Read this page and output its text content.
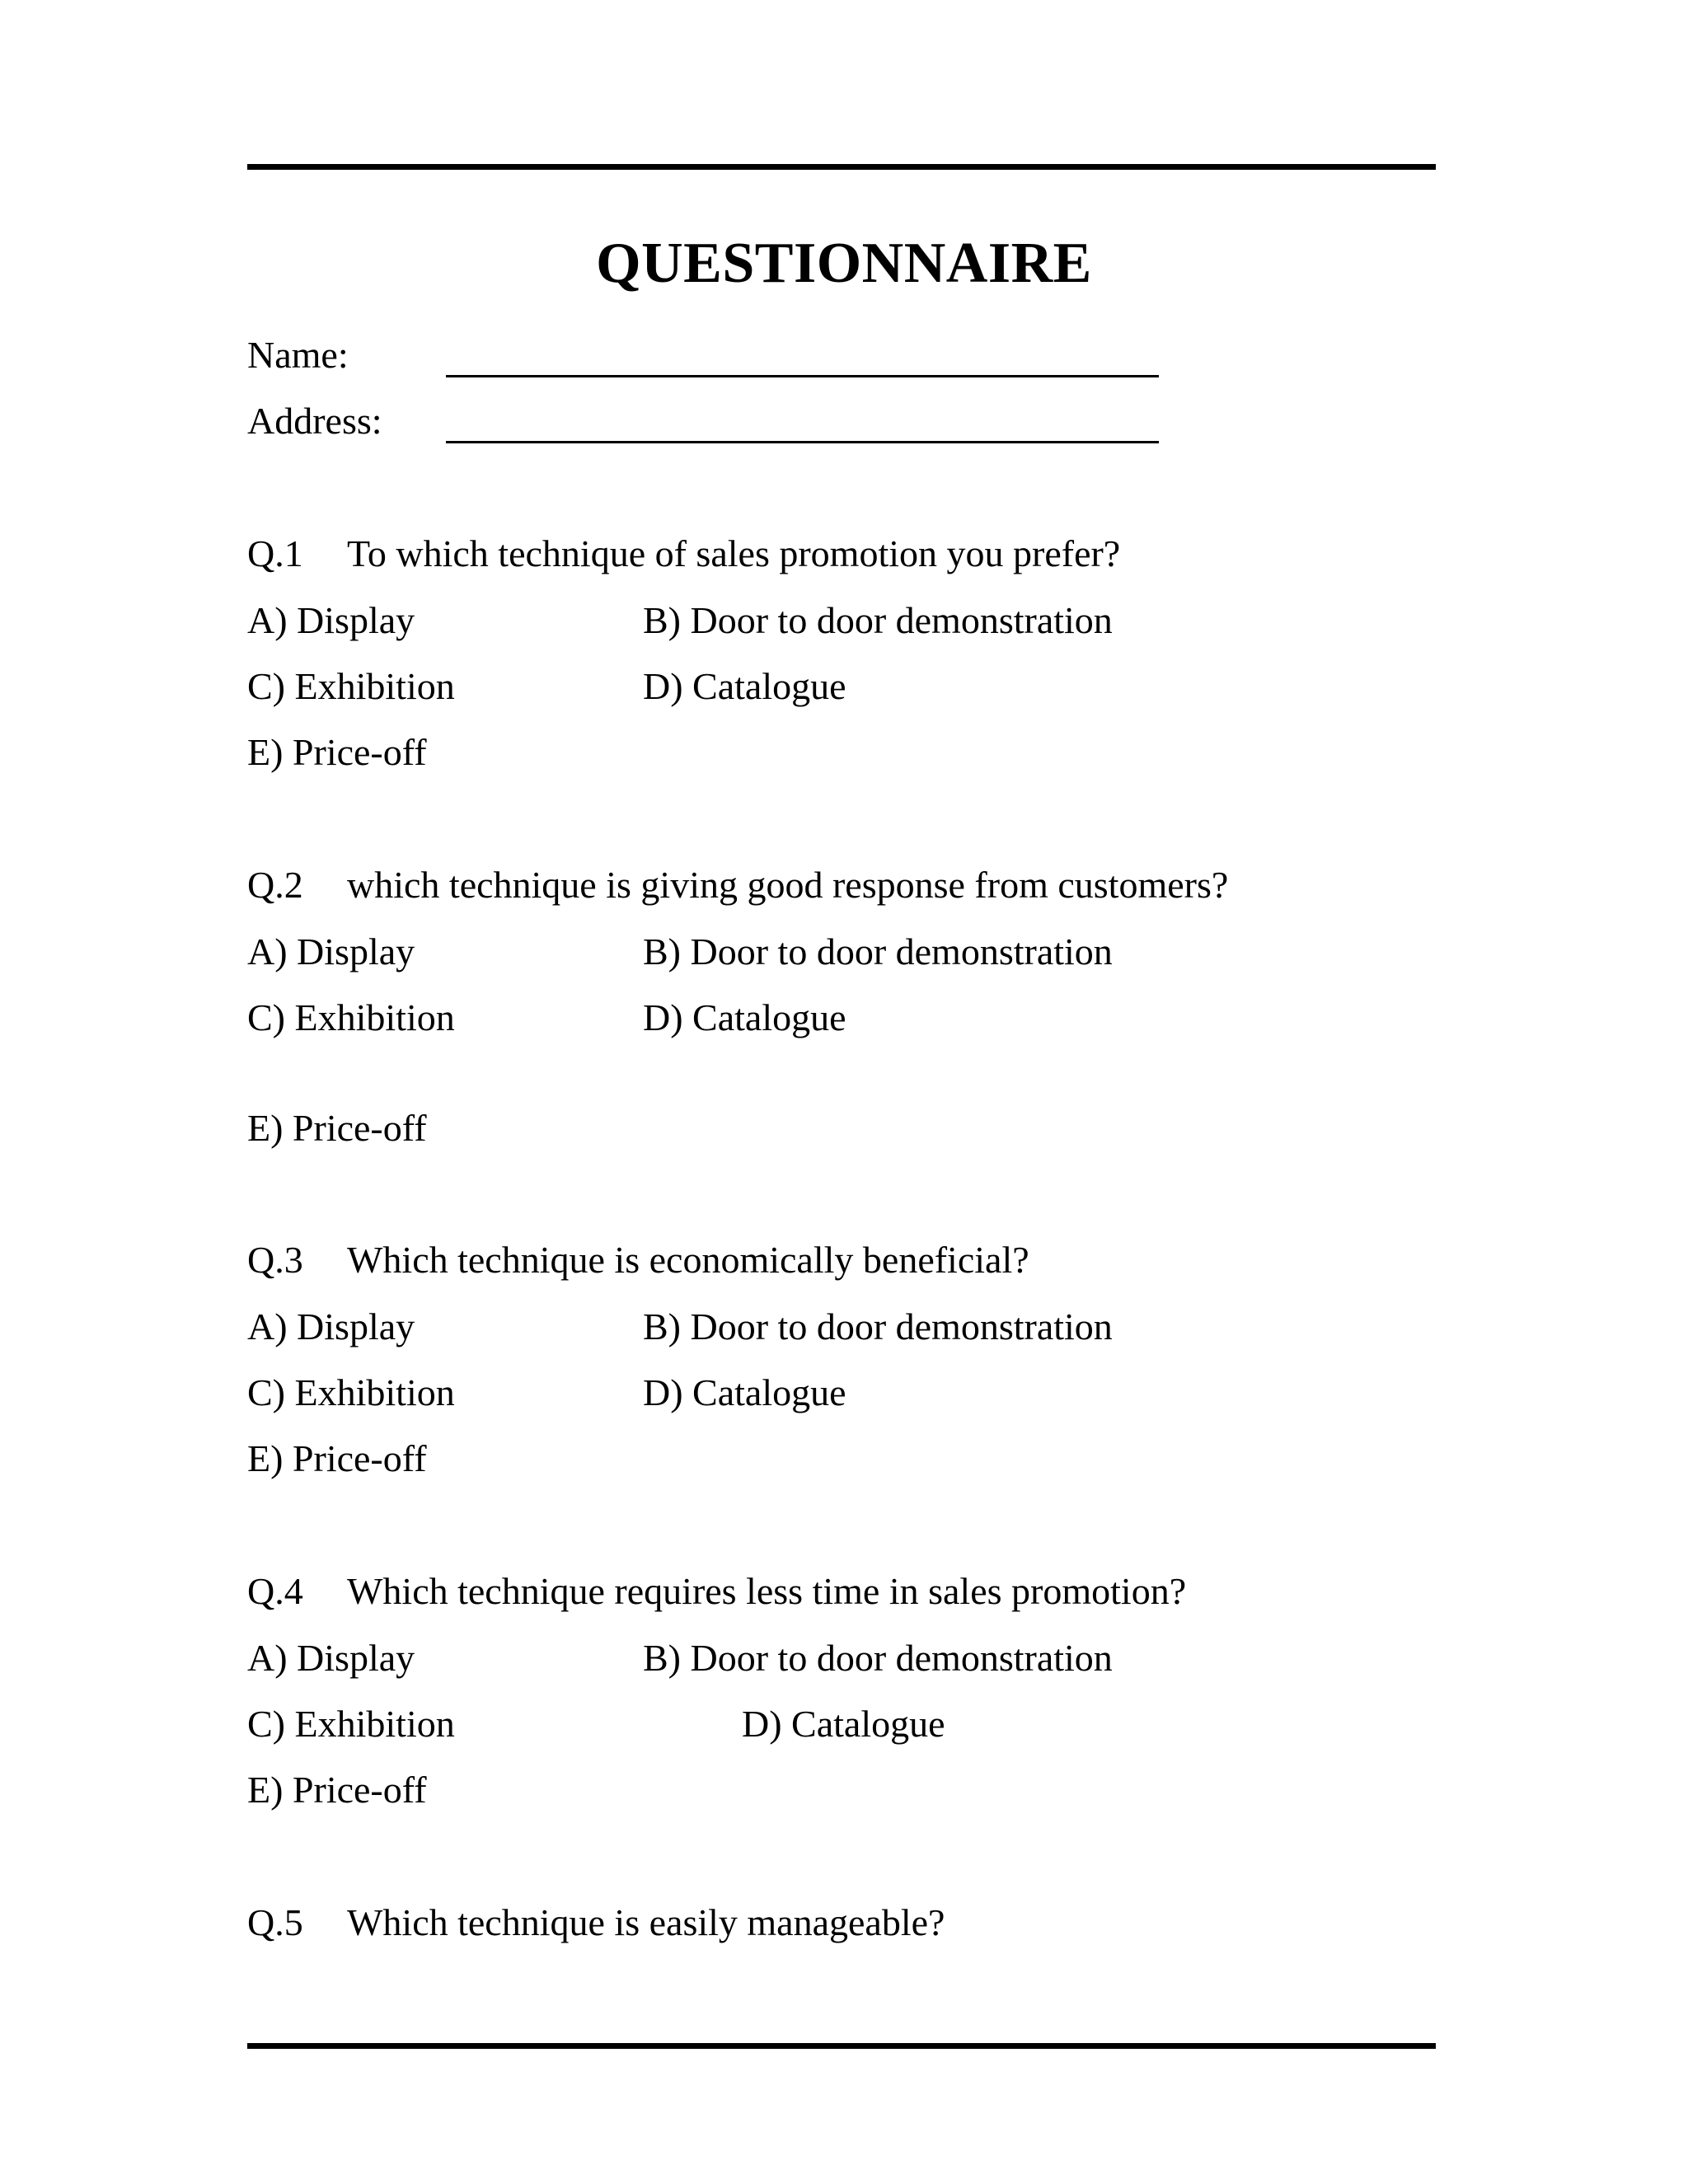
QUESTIONNAIRE
Name:
Address:
Q.1 To which technique of sales promotion you prefer?
A) Display	B) Door to door demonstration
C) Exhibition	D) Catalogue
E) Price-off
Q.2 which technique is giving good response from customers?
A) Display	B) Door to door demonstration
C) Exhibition	D) Catalogue
E) Price-off
Q.3 Which technique is economically beneficial?
A) Display	B) Door to door demonstration
C) Exhibition	D) Catalogue
E) Price-off
Q.4 Which technique requires less time in sales promotion?
A) Display	B) Door to door demonstration
C) Exhibition	D) Catalogue
E) Price-off
Q.5 Which technique is easily manageable?
